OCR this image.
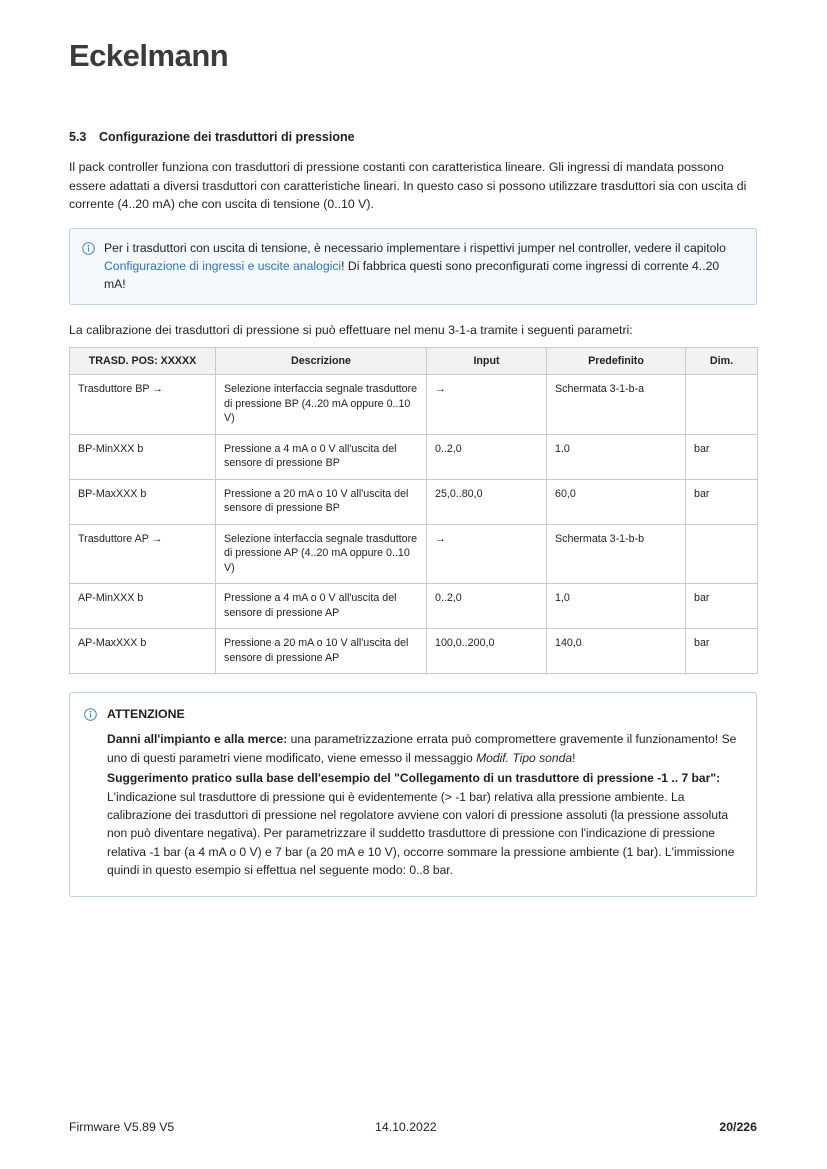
Eckelmann
5.3 Configurazione dei trasduttori di pressione

Il pack controller funziona con trasduttori di pressione costanti con caratteristica lineare. Gli ingressi di mandata possono essere adattati a diversi trasduttori con caratteristiche lineari. In questo caso si possono utilizzare trasduttori sia con uscita di corrente (4..20 mA) che con uscita di tensione (0..10 V).

Per i trasduttori con uscita di tensione, è necessario implementare i rispettivi jumper nel controller, vedere il capitolo Configurazione di ingressi e uscite analogici! Di fabbrica questi sono preconfigurati come ingressi di corrente 4..20 mA!

La calibrazione dei trasduttori di pressione si può effettuare nel menu 3-1-a tramite i seguenti parametri:

TRASD. POS: XXXXX	Descrizione	Input	Predefinito	Dim.
Trasduttore BP →	Selezione interfaccia segnale trasduttore di pressione BP (4..20 mA oppure 0..10 V)	→	Schermata 3-1-b-a	
BP-MinXXX b	Pressione a 4 mA o 0 V all'uscita del sensore di pressione BP	0..2,0	1.0	bar
BP-MaxXXX b	Pressione a 20 mA o 10 V all'uscita del sensore di pressione BP	25,0..80,0	60,0	bar
Trasduttore AP →	Selezione interfaccia segnale trasduttore di pressione AP (4..20 mA oppure 0..10 V)	→	Schermata 3-1-b-b	
AP-MinXXX b	Pressione a 4 mA o 0 V all'uscita del sensore di pressione AP	0..2,0	1,0	bar
AP-MaxXXX b	Pressione a 20 mA o 10 V all'uscita del sensore di pressione AP	100,0..200,0	140,0	bar
ATTENZIONE

Danni all'impianto e alla merce: una parametrizzazione errata può compromettere gravemente il funzionamento! Se uno di questi parametri viene modificato, viene emesso il messaggio Modif. Tipo sonda!

Suggerimento pratico sulla base dell'esempio del "Collegamento di un trasduttore di pressione -1 .. 7 bar": L'indicazione sul trasduttore di pressione qui è evidentemente (> -1 bar) relativa alla pressione ambiente. La calibrazione dei trasduttori di pressione nel regolatore avviene con valori di pressione assoluti (la pressione assoluta non può diventare negativa). Per parametrizzare il suddetto trasduttore di pressione con l'indicazione di pressione relativa -1 bar (a 4 mA o 0 V) e 7 bar (a 20 mA e 10 V), occorre sommare la pressione ambiente (1 bar). L'immissione quindi in questo esempio si effettua nel seguente modo: 0..8 bar.

Firmware V5.89 V5	14.10.2022	20/226
